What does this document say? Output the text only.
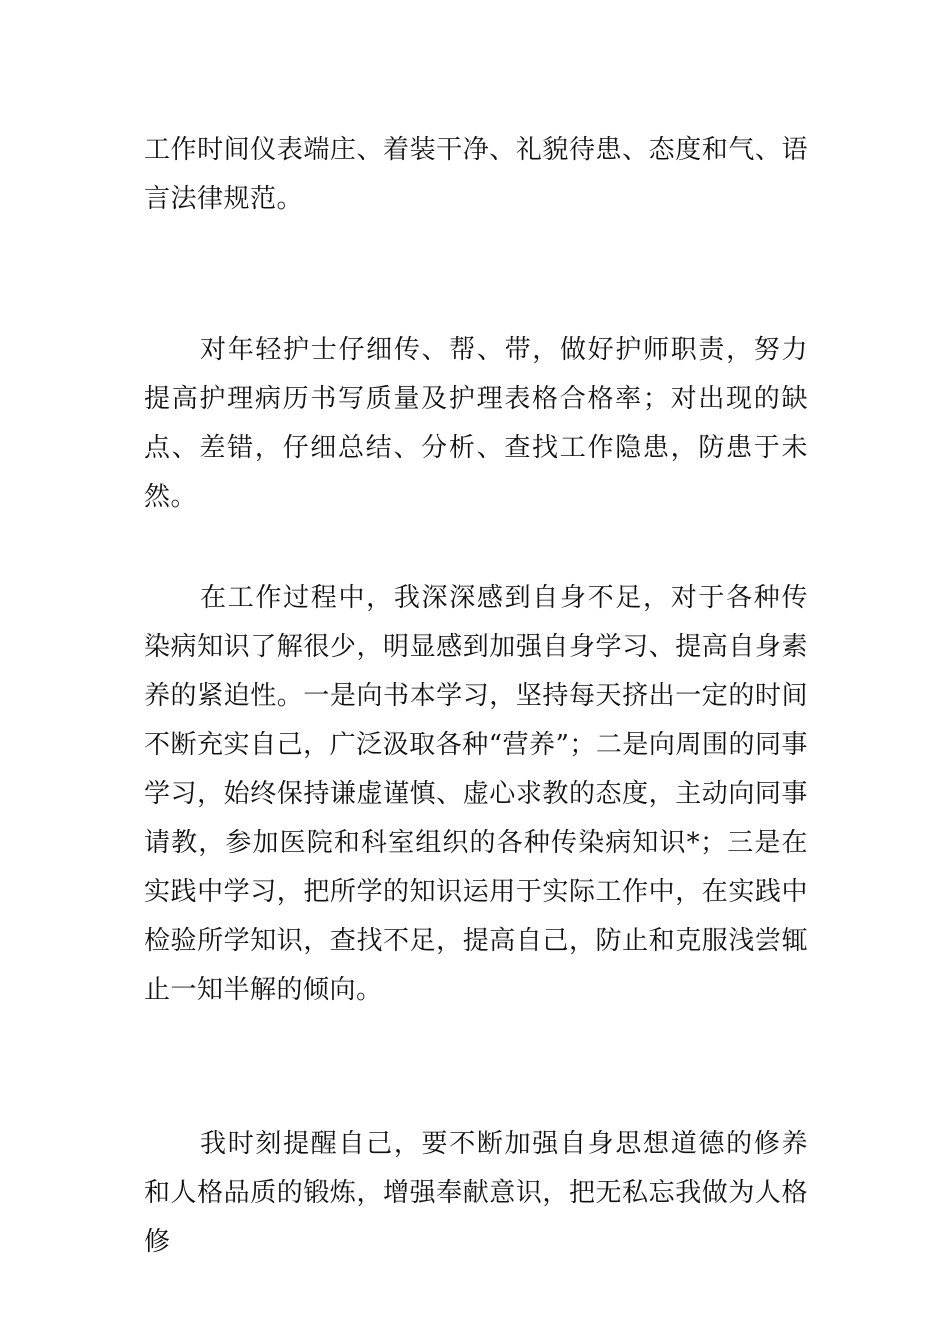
工作时间仪表端庄、着装干净、礼貌待患、态度和气、语言法律规范。

对年轻护士仔细传、帮、带，做好护师职责，努力提高护理病历书写质量及护理表格合格率；对出现的缺点、差错，仔细总结、分析、查找工作隐患，防患于未然。

在工作过程中，我深深感到自身不足，对于各种传染病知识了解很少，明显感到加强自身学习、提高自身素养的紧迫性。一是向书本学习，坚持每天挤出一定的时间不断充实自己，广泛汲取各种“营养”；二是向周围的同事学习，始终保持谦虚谨慎、虚心求教的态度，主动向同事请教，参加医院和科室组织的各种传染病知识*；三是在实践中学习，把所学的知识运用于实际工作中，在实践中检验所学知识，查找不足，提高自己，防止和克服浅尝辄止一知半解的倾向。

我时刻提醒自己，要不断加强自身思想道德的修养和人格品质的锻炼，增强奉献意识，把无私忘我做为人格修
